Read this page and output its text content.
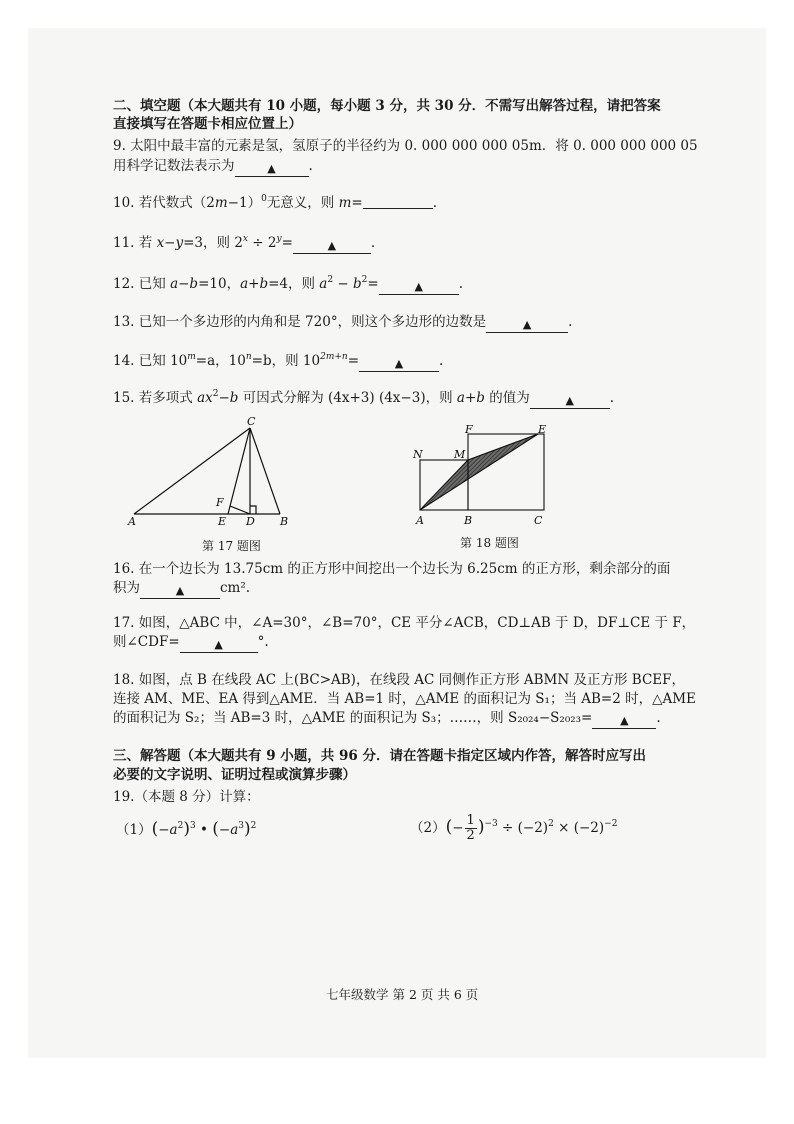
二、填空题（本大题共有 10 小题，每小题 3 分，共 30 分．不需写出解答过程，请把答案
直接填写在答题卡相应位置上）
9. 太阳中最丰富的元素是氢，氢原子的半径约为 0. 000 000 000 05m．将 0. 000 000 000 05
用科学记数法表示为	▲ .
10. 若代数式$(2m-1)^0$无意义，则 m=	.
11. 若 x−y=3，则 $2^x \div 2^y=$	▲	.
12. 已知 a−b=10，a+b=4，则 $a^2 - b^2=$	▲	.
13. 已知一个多边形的内角和是 720°，则这个多边形的边数是	▲	.
14. 已知 $10^m=a$，$10^n=b$，则 $10^{2m+n}=$	▲	.
15. 若多项式 $ax^2-b$ 可因式分解为 (4x+3) (4x−3)，则 a+b 的值为	▲	.
A	B
C
D
E
F
第 17 题图
A	B	C
E
F
M
N
第 18 题图
16. 在一个边长为 13.75cm 的正方形中间挖出一个边长为 6.25cm 的正方形，剩余部分的面
积为	▲	cm².
17. 如图，△ABC 中，∠A=30°，∠B=70°，CE 平分∠ACB，CD⊥AB 于 D，DF⊥CE 于 F，
则∠CDF=	▲	°.
18. 如图，点 B 在线段 AC 上(BC>AB)，在线段 AC 同侧作正方形 ABMN 及正方形 BCEF，
连接 AM、ME、EA 得到△AME．当 AB=1 时，△AME 的面积记为 S₁；当 AB=2 时，△AME
的面积记为 S₂；当 AB=3 时，△AME 的面积记为 S₃；……，则 S₂₀₂₄−S₂₀₂₃=	▲ .
三、解答题（本大题共有 9 小题，共 96 分．请在答题卡指定区域内作答，解答时应写出
必要的文字说明、证明过程或演算步骤）
19.（本题 8 分）计算：
$(1)(-a^2)^3$ • $(-a^3)^2$	$(2)(- \frac{1}{2} )^{-3} \div (-2)^2 \times (-2)^{-2}$
七年级数学 第 2 页 共 6 页
